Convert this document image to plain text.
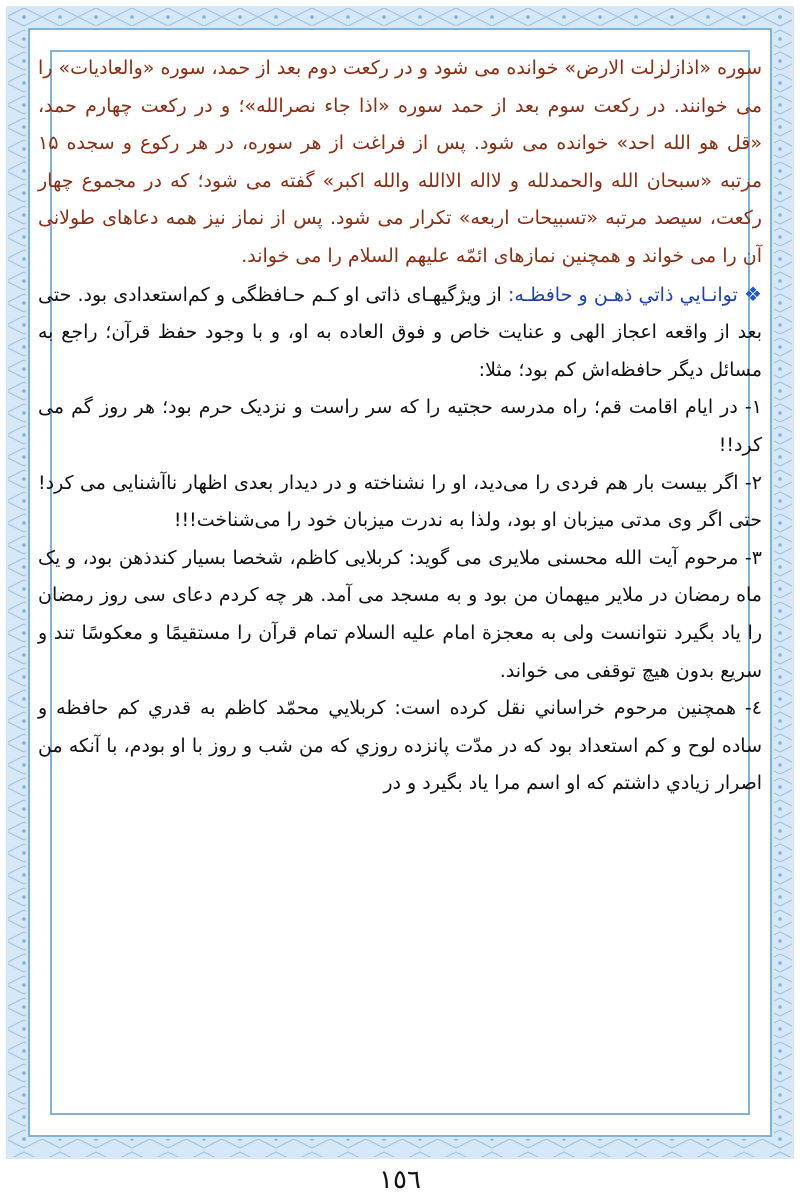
سوره «اذازلزلت الارض» خوانده می شود و در رکعت دوم بعد از حمد، سوره «والعادیات» را می خوانند. در رکعت سوم بعد از حمد سوره «اذا جاء نصرالله»؛ و در رکعت چهارم حمد، «قل هو الله احد» خوانده می شود. پس از فراغت از هر سوره، در هر رکوع و سجده ۱۵ مرتبه «سبحان الله والحمدلله و لااله الاالله والله اکبر» گفته می شود؛ که در مجموع چهار رکعت، سیصد مرتبه «تسبیحات اربعه» تکرار می شود. پس از نماز نیز همه دعاهای طولانی آن را می خواند و همچنین نمازهای ائمّه علیهم السلام را می خواند.

❖ توانـایي ذاتي ذهـن و حافظـه: از ویژگیهـای ذاتی او کـم حـافظگی و کم‌استعدادی بود. حتی بعد از واقعه اعجاز الهی و عنایت خاص و فوق العاده به او، و با وجود حفظ قرآن؛ راجع به مسائل دیگر حافظه‌اش کم بود؛ مثلا:

۱- در ایام اقامت قم؛ راه مدرسه حجتیه را که سر راست و نزدیک حرم بود؛ هر روز گم می کرد!!

۲- اگر بیست بار هم فردی را می‌دید، او را نشناخته و در دیدار بعدی اظهار ناآشنایی می کرد! حتی اگر وی مدتی میزبان او بود، ولذا به ندرت میزبان خود را می‌شناخت!!!

۳- مرحوم آیت الله محسنی ملایری می گوید: کربلایی کاظم، شخصا بسیار کندذهن بود، و یک ماه رمضان در ملایر میهمان من بود و به مسجد می آمد. هر چه کردم دعای سی روز رمضان را یاد بگیرد نتوانست ولی به معجزة امام علیه السلام تمام قرآن را مستقیمًا و معکوسًا تند و سریع بدون هیچ توقفی می خواند.

٤- همچنین مرحوم خراساني نقل کرده است: کربلایي محمّد کاظم به قدري کم حافظه و ساده لوح و کم استعداد بود که در مدّت پانزده روزي که من شب و روز با او بودم، با آنکه من اصرار زیادي داشتم که او اسم مرا یاد بگیرد و در

١٥٦
